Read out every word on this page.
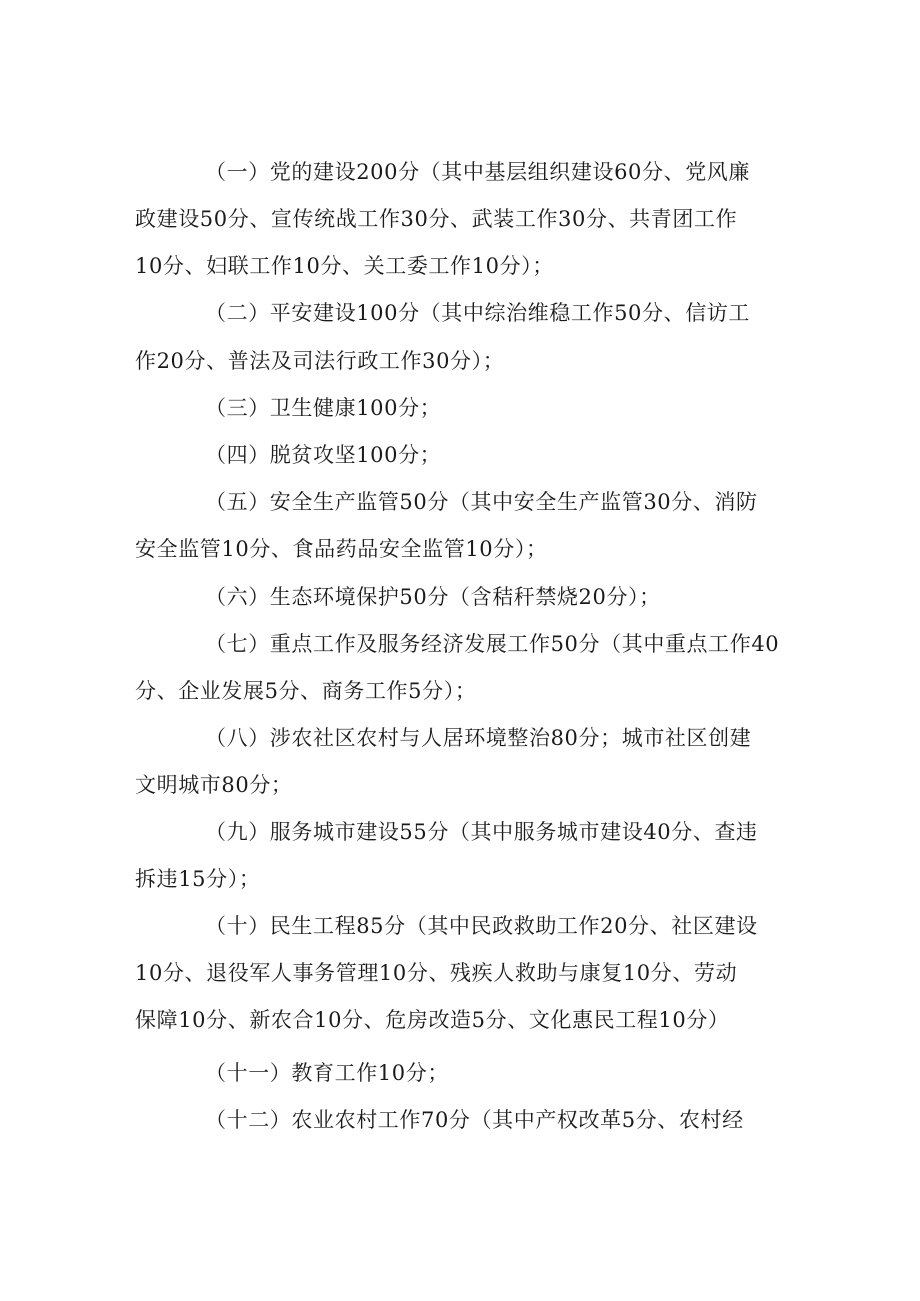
（一）党的建设200分（其中基层组织建设60分、党风廉
政建设50分、宣传统战工作30分、武装工作30分、共青团工作
10分、妇联工作10分、关工委工作10分）；
（二）平安建设100分（其中综治维稳工作50分、信访工
作20分、普法及司法行政工作30分）；
（三）卫生健康100分；
（四）脱贫攻坚100分；
（五）安全生产监管50分（其中安全生产监管30分、消防
安全监管10分、食品药品安全监管10分）；
（六）生态环境保护50分（含秸秆禁烧20分）；
（七）重点工作及服务经济发展工作50分（其中重点工作40
分、企业发展5分、商务工作5分）；
（八）涉农社区农村与人居环境整治80分；城市社区创建
文明城市80分；
（九）服务城市建设55分（其中服务城市建设40分、查违
拆违15分）；
（十）民生工程85分（其中民政救助工作20分、社区建设
10分、退役军人事务管理10分、残疾人救助与康复10分、劳动
保障10分、新农合10分、危房改造5分、文化惠民工程10分）
（十一）教育工作10分；
（十二）农业农村工作70分（其中产权改革5分、农村经
